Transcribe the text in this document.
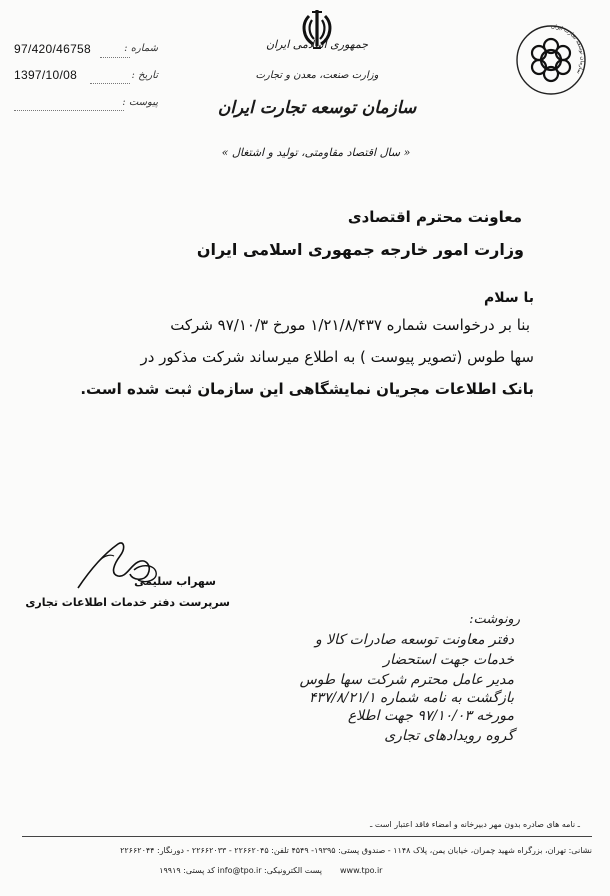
جمهوری اسلامی ایران
وزارت صنعت، معدن و تجارت
سازمان توسعه تجارت ایران
« سال اقتصاد مقاومتی، تولید و اشتغال »
سازمان توسعه تجارت ایران
97/420/46758	شماره :
1397/10/08	تاریخ :
پیوست :
معاونت محترم اقتصادی
وزارت امور خارجه جمهوری اسلامی ایران
با سلام
بنا بر درخواست شماره ۱/۲۱/۸/۴۳۷ مورخ ۹۷/۱۰/۳ شرکت
سها طوس (تصویر پیوست ) به اطلاع میرساند شرکت مذکور در
بانک اطلاعات مجریان نمایشگاهی این سازمان ثبت شده است.
سهراب سلیمی
سرپرست دفتر خدمات اطلاعات تجاری
رونوشت:
دفتر معاونت توسعه صادرات کالا و
خدمات جهت استحضار
مدیر عامل محترم شرکت سها طوس
بازگشت به نامه شماره ۴۳۷/۸/۲۱/۱
مورخه ۹۷/۱۰/۰۳ جهت اطلاع
گروه رویدادهای تجاری
ـ نامه های صادره بدون مهر دبیرخانه و امضاء فاقد اعتبار است ـ
نشانی: تهران، بزرگراه شهید چمران، خیابان یمن، پلاک ۱۱۴۸ - صندوق پستی: ۱۹۳۹۵- ۴۵۴۹ تلفن: ۲۲۶۶۲۰۴۵ - ۲۲۶۶۲۰۳۳ - دورنگار: ۲۲۶۶۲۰۴۴
www.tpo.ir
پست الکترونیکی: info@tpo.ir کد پستی: ۱۹۹۱۹
